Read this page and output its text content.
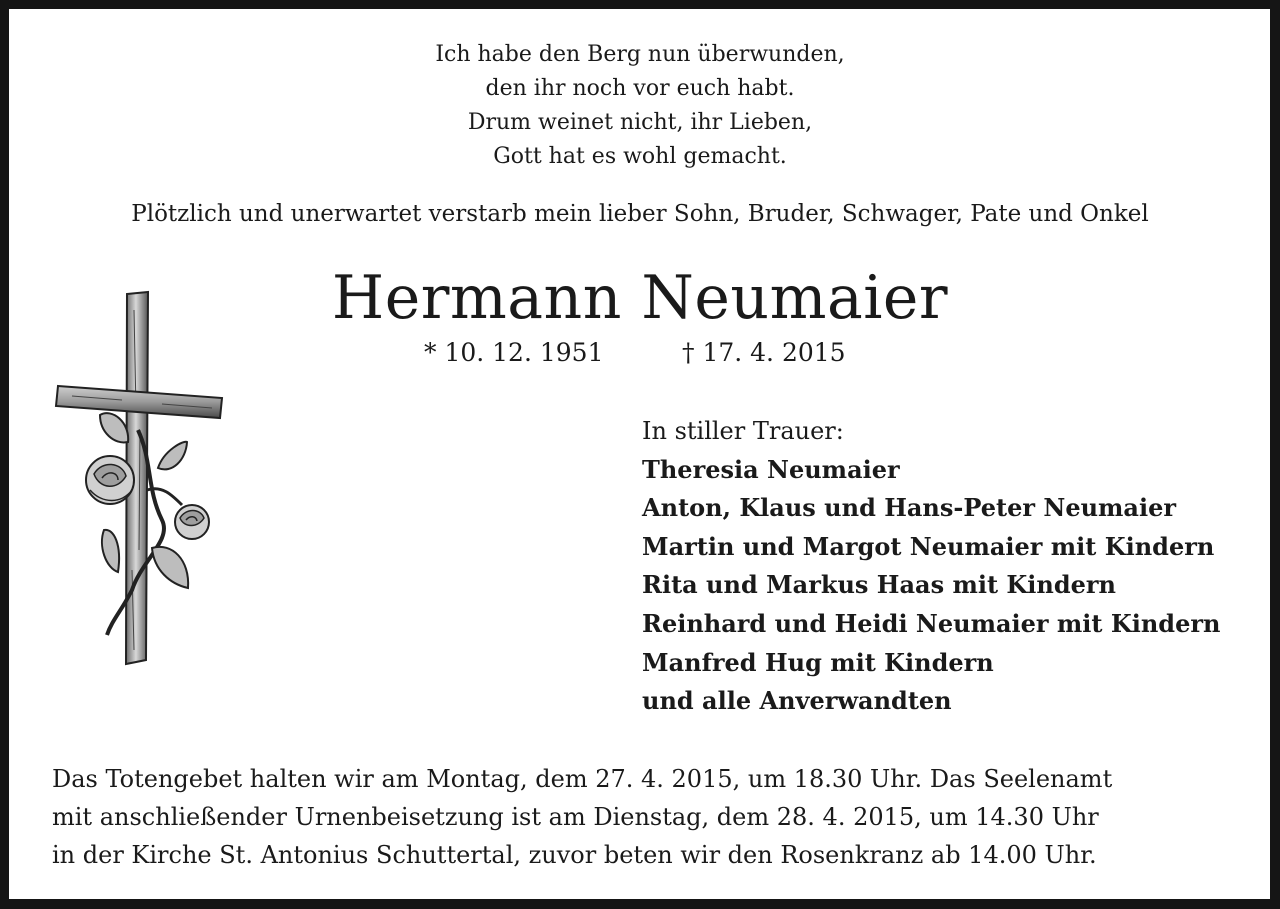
Ich habe den Berg nun überwunden,
den ihr noch vor euch habt.
Drum weinet nicht, ihr Lieben,
Gott hat es wohl gemacht.
Plötzlich und unerwartet verstarb mein lieber Sohn, Bruder, Schwager, Pate und Onkel
Hermann Neumaier
* 10. 12. 1951	† 17. 4. 2015
In stiller Trauer:
Theresia Neumaier
Anton, Klaus und Hans-Peter Neumaier
Martin und Margot Neumaier mit Kindern
Rita und Markus Haas mit Kindern
Reinhard und Heidi Neumaier mit Kindern
Manfred Hug mit Kindern
und alle Anverwandten
Das Totengebet halten wir am Montag, dem 27. 4. 2015, um 18.30 Uhr. Das Seelenamt
mit anschließender Urnenbeisetzung ist am Dienstag, dem 28. 4. 2015, um 14.30 Uhr
in der Kirche St. Antonius Schuttertal, zuvor beten wir den Rosenkranz ab 14.00 Uhr.
